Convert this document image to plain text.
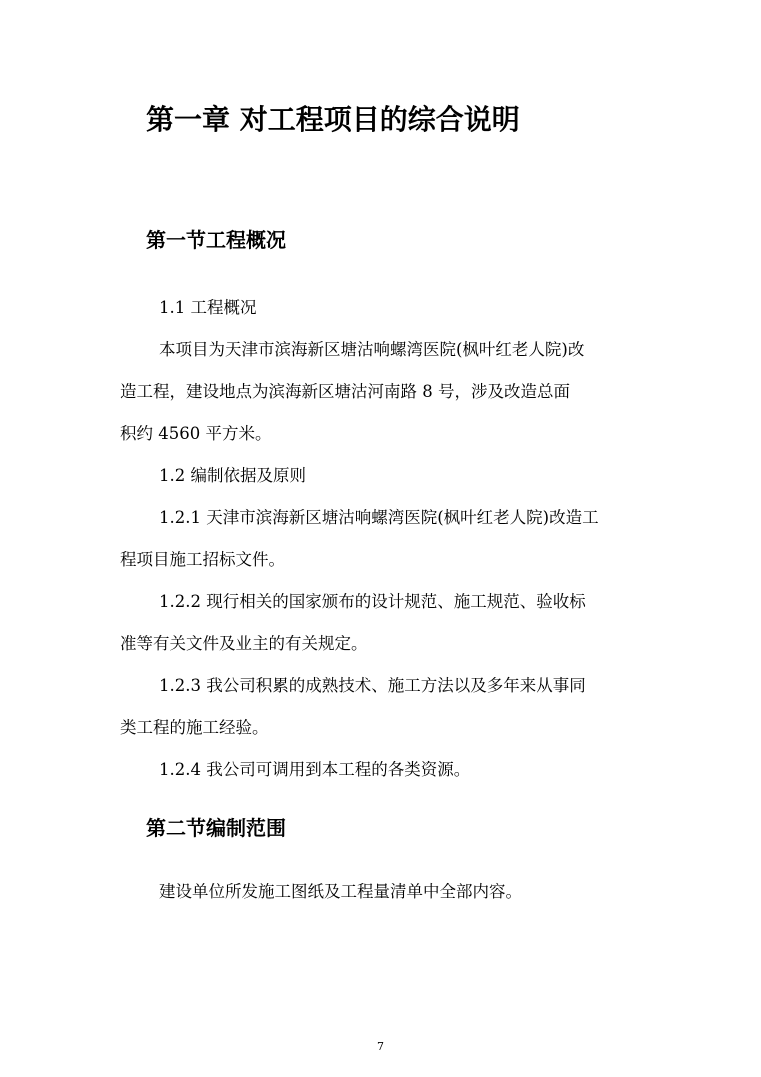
第一章 对工程项目的综合说明
第一节工程概况

1.1 工程概况

本项目为天津市滨海新区塘沽响螺湾医院(枫叶红老人院)改

造工程，建设地点为滨海新区塘沽河南路 8 号，涉及改造总面

积约 4560 平方米。

1.2 编制依据及原则

1.2.1 天津市滨海新区塘沽响螺湾医院(枫叶红老人院)改造工

程项目施工招标文件。

1.2.2 现行相关的国家颁布的设计规范、施工规范、验收标

准等有关文件及业主的有关规定。

1.2.3 我公司积累的成熟技术、施工方法以及多年来从事同

类工程的施工经验。

1.2.4 我公司可调用到本工程的各类资源。

第二节编制范围

建设单位所发施工图纸及工程量清单中全部内容。

7
